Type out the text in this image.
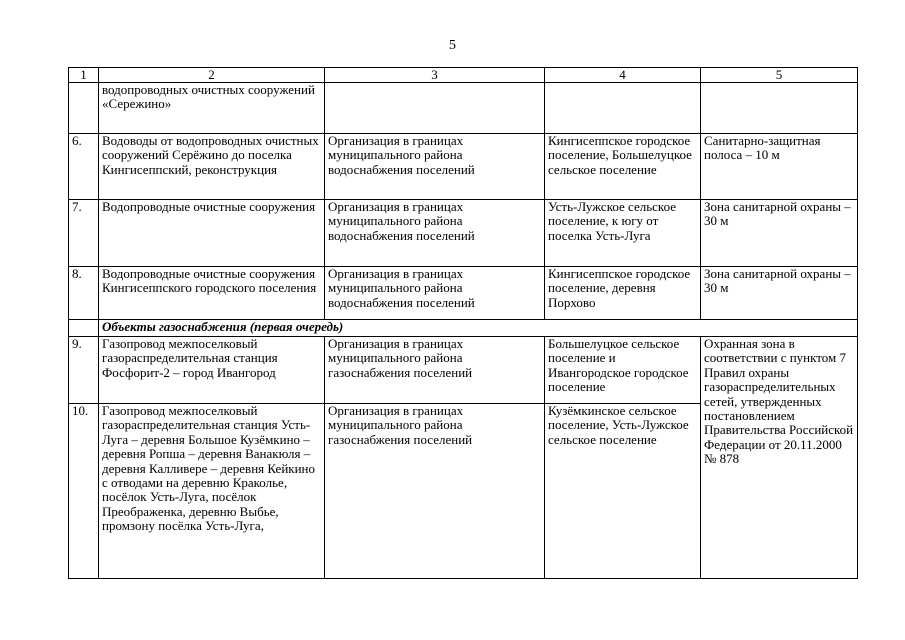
5
1	2	3	4	5
	водопроводных очистных сооружений «Сережино»			
6.	Водоводы от водопроводных очистных сооружений Серёжино до поселка Кингисеппский, реконструкция	Организация в границах муниципального района водоснабжения поселений	Кингисеппское городское поселение, Большелуцкое сельское поселение	Санитарно-защитная полоса – 10 м
7.	Водопроводные очистные сооружения	Организация в границах муниципального района водоснабжения поселений	Усть-Лужское сельское поселение, к югу от поселка Усть-Луга	Зона санитарной охраны – 30 м
8.	Водопроводные очистные сооружения Кингисеппского городского поселения	Организация в границах муниципального района водоснабжения поселений	Кингисеппское городское поселение, деревня Порхово	Зона санитарной охраны – 30 м
	Объекты газоснабжения (первая очередь)			
9.	Газопровод межпоселковый газораспределительная станция Фосфорит-2 – город Ивангород	Организация в границах муниципального района газоснабжения поселений	Большелуцкое сельское поселение и Ивангородское городское поселение	Охранная зона в соответствии с пунктом 7 Правил охраны газораспределительных сетей, утвержденных постановлением Правительства Российской Федерации от 20.11.2000 № 878
10.	Газопровод межпоселковый газораспределительная станция Усть-Луга – деревня Большое Кузёмкино – деревня Ропша – деревня Ванакюля – деревня Калливере – деревня Кейкино с отводами на деревню Краколье, посёлок Усть-Луга, посёлок Преображенка, деревню Выбье, промзону посёлка Усть-Луга,	Организация в границах муниципального района газоснабжения поселений	Кузёмкинское сельское поселение, Усть-Лужское сельское поселение	
